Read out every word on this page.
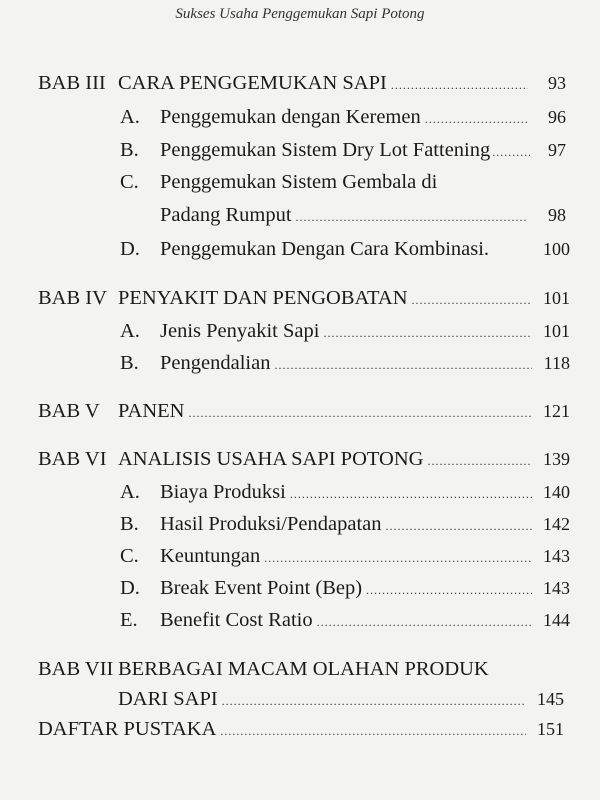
Sukses Usaha Penggemukan Sapi Potong
BAB III CARA PENGGEMUKAN SAPI .....	93
A. Penggemukan dengan Keremen .....	96
B. Penggemukan Sistem Dry Lot Fattening .....	97
C. Penggemukan Sistem Gembala di
Padang Rumput .....	98
D. Penggemukan Dengan Cara Kombinasi.	100
BAB IV PENYAKIT DAN PENGOBATAN .....	101
A. Jenis Penyakit Sapi .....	101
B. Pengendalian .....	118
BAB V PANEN .....	121
BAB VI ANALISIS USAHA SAPI POTONG .....	139
A. Biaya Produksi .....	140
B. Hasil Produksi/Pendapatan .....	142
C. Keuntungan .....	143
D. Break Event Point (Bep) .....	143
E. Benefit Cost Ratio .....	144
BAB VII BERBAGAI MACAM OLAHAN PRODUK
DARI SAPI .....	145
DAFTAR PUSTAKA .....	151
